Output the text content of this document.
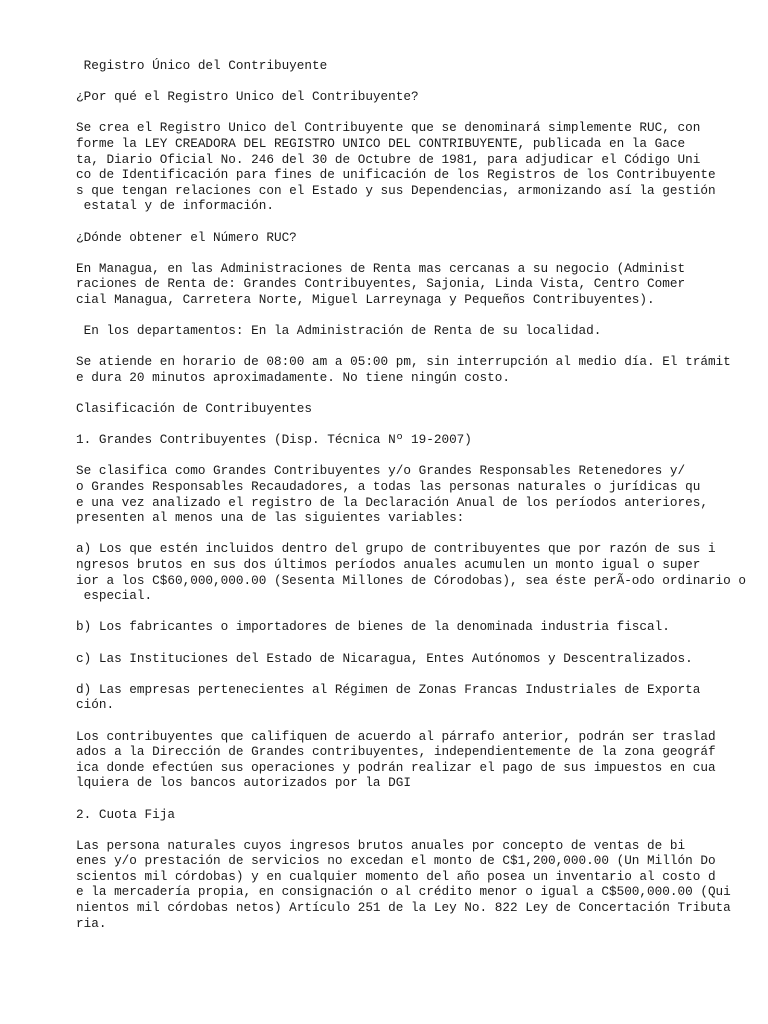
Registro Único del Contribuyente
¿Por qué el Registro Unico del Contribuyente?
Se crea el Registro Unico del Contribuyente que se denominará simplemente RUC, con
forme la LEY CREADORA DEL REGISTRO UNICO DEL CONTRIBUYENTE, publicada en la Gace
ta, Diario Oficial No. 246 del 30 de Octubre de 1981, para adjudicar el Código Uni
co de Identificación para fines de unificación de los Registros de los Contribuyente
s que tengan relaciones con el Estado y sus Dependencias, armonizando así la gestión
estatal y de información.
¿Dónde obtener el Número RUC?
En Managua, en las Administraciones de Renta mas cercanas a su negocio (Administ
raciones de Renta de: Grandes Contribuyentes, Sajonia, Linda Vista, Centro Comer
cial Managua, Carretera Norte, Miguel Larreynaga y Pequeños Contribuyentes).
En los departamentos: En la Administración de Renta de su localidad.
Se atiende en horario de 08:00 am a 05:00 pm, sin interrupción al medio día. El trámit
e dura 20 minutos aproximadamente. No tiene ningún costo.
Clasificación de Contribuyentes
1. Grandes Contribuyentes (Disp. Técnica Nº 19-2007)
Se clasifica como Grandes Contribuyentes y/o Grandes Responsables Retenedores y/
o Grandes Responsables Recaudadores, a todas las personas naturales o jurídicas qu
e una vez analizado el registro de la Declaración Anual de los períodos anteriores,
presenten al menos una de las siguientes variables:
a) Los que estén incluidos dentro del grupo de contribuyentes que por razón de sus i
ngresos brutos en sus dos últimos períodos anuales acumulen un monto igual o super
ior a los C$60,000,000.00 (Sesenta Millones de Córodobas), sea éste perÃ-odo ordinario o
especial.
b) Los fabricantes o importadores de bienes de la denominada industria fiscal.
c) Las Instituciones del Estado de Nicaragua, Entes Autónomos y Descentralizados.
d) Las empresas pertenecientes al Régimen de Zonas Francas Industriales de Exporta
ción.
Los contribuyentes que califiquen de acuerdo al párrafo anterior, podrán ser traslad
ados a la Dirección de Grandes contribuyentes, independientemente de la zona geográf
ica donde efectúen sus operaciones y podrán realizar el pago de sus impuestos en cua
lquiera de los bancos autorizados por la DGI
2. Cuota Fija
Las persona naturales cuyos ingresos brutos anuales por concepto de ventas de bi
enes y/o prestación de servicios no excedan el monto de C$1,200,000.00 (Un Millón Do
scientos mil córdobas) y en cualquier momento del año posea un inventario al costo d
e la mercadería propia, en consignación o al crédito menor o igual a C$500,000.00 (Qui
nientos mil córdobas netos) Artículo 251 de la Ley No. 822 Ley de Concertación Tributa
ria.
